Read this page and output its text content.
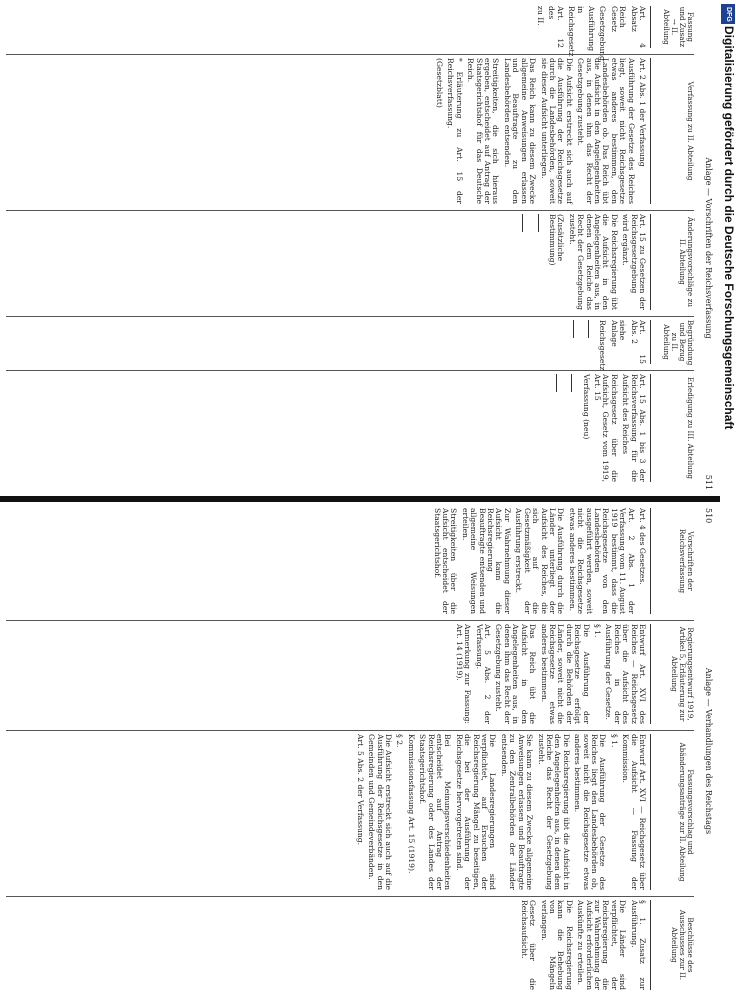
Anlage — Vorschriften der Reichsverfassung
511
Fassung und Zusatz → II. Abteilung

Art. 4 Absatz

Reich Gesetz

Gesetzgebung

Ausführung

in Reichsgesetz

Art. 12 des

zu II.

Verfassung zu II. Abteilung

Art. 2 Abs. 1 der Verfassung

Ausführung der Gesetze des Reiches liegt, soweit nicht Reichsgesetze etwas anderes bestimmen, den Landesbehörden ob. Das Reich übt die Aufsicht in den Angelegenheiten aus, in denen ihm das Recht der Gesetzgebung zusteht.

Die Aufsicht erstreckt sich auch auf die Ausführung der Reichsgesetze durch die Landesbehörden, soweit sie dieser Aufsicht unterliegen.

Das Reich kann zu diesem Zwecke allgemeine Anweisungen erlassen und Beauftragte zu den Landesbehörden entsenden.

Streitigkeiten, die sich hieraus ergeben, entscheidet auf Antrag der Staatsgerichtshof für das Deutsche Reich.

* Erläuterung zu Art. 15 der Reichsverfassung.

(Gesetzblatt)

Änderungsvorschläge zu II. Abteilung

Art. 15 zu Gesetzen der Reichsgesetzgebung wird ergänzt.

Die Reichsregierung übt die Aufsicht in den Angelegenheiten aus, in denen dem Reiche das Recht der Gesetzgebung zusteht.

(Zusätzliche Bestimmung)

Begründung und Bezug zu II. Abteilung

Art. 15 Abs. 2

siehe Anlage

Reichsgesetz

Erledigung zu III. Abteilung

Art. 15 Abs. 1 bis 3 der Reichsverfassung für die Aufsicht des Reiches

Reichsgesetz über die Aufsicht, Gesetz vom 1919, Art. 15

Verfassung (neu)

Anlage — Verhandlungen des Reichstags
510
Vorschriften der Reichsverfassung

Art. 4 des Gesetzes.

Art. 2 Abs. 1 der Verfassung vom 11. August 1919 bestimmt, dass die Reichsgesetze von den Landesbehörden ausgeführt werden, soweit nicht die Reichsgesetze etwas anderes bestimmen.

Die Ausführung durch die Länder unterliegt der Aufsicht des Reiches, die sich auf die Gesetzmäßigkeit der Ausführung erstreckt.

Zur Wahrnehmung dieser Aufsicht kann die Reichsregierung Beauftragte entsenden und allgemeine Weisungen erteilen.

Streitigkeiten über die Aufsicht entscheidet der Staatsgerichtshof.

Regierungsentwurf 1919, Artikel 5, Erläuterung zur Abteilung

Entwurf Art. XVI des Reiches — Reichsgesetz über die Aufsicht des Reiches in der Ausführung der Gesetze.

§ 1.

Die Ausführung der Reichsgesetze erfolgt durch die Behörden der Länder, soweit nicht die Reichsgesetze etwas anderes bestimmen.

Das Reich übt die Aufsicht in den Angelegenheiten aus, in denen ihm das Recht der Gesetzgebung zusteht.

Art. 5 Abs. 2 der Verfassung.

Anmerkung zur Fassung: Art. 14 (1919).

Fassungsvorschlag und Abänderungsanträge zur II. Abteilung

Entwurf Art. XVI — Reichsgesetz über die Aufsicht — Fassung der Kommission.

§ 1.

Die Ausführung der Gesetze des Reiches liegt den Landesbehörden ob, soweit nicht die Reichsgesetze etwas anderes bestimmen.

Die Reichsregierung übt die Aufsicht in den Angelegenheiten aus, in denen dem Reiche das Recht der Gesetzgebung zusteht.

Sie kann zu diesem Zwecke allgemeine Anweisungen erlassen und Beauftragte zu den Zentralbehörden der Länder entsenden.

Die Landesregierungen sind verpflichtet, auf Ersuchen der Reichsregierung Mängel zu beseitigen, die bei der Ausführung der Reichsgesetze hervorgetreten sind.

Bei Meinungsverschiedenheiten entscheidet auf Antrag der Reichsregierung oder des Landes der Staatsgerichtshof.

Kommissionsfassung Art. 15 (1919).

§ 2.

Die Aufsicht erstreckt sich auch auf die Ausführung der Reichsgesetze in den Gemeinden und Gemeindeverbänden.

Art. 5 Abs. 2 der Verfassung.

Beschlüsse des Ausschusses zur II. Abteilung

§ 1. Zusatz zur Ausführung.

Die Länder sind verpflichtet, der Reichsregierung die zur Wahrnehmung der Aufsicht erforderlichen Auskünfte zu erteilen.

Die Reichsregierung kann die Behebung von Mängeln verlangen.

Gesetz über die Reichsaufsicht.

DFG
Digitalisierung gefördert durch die Deutsche Forschungsgemeinschaft
